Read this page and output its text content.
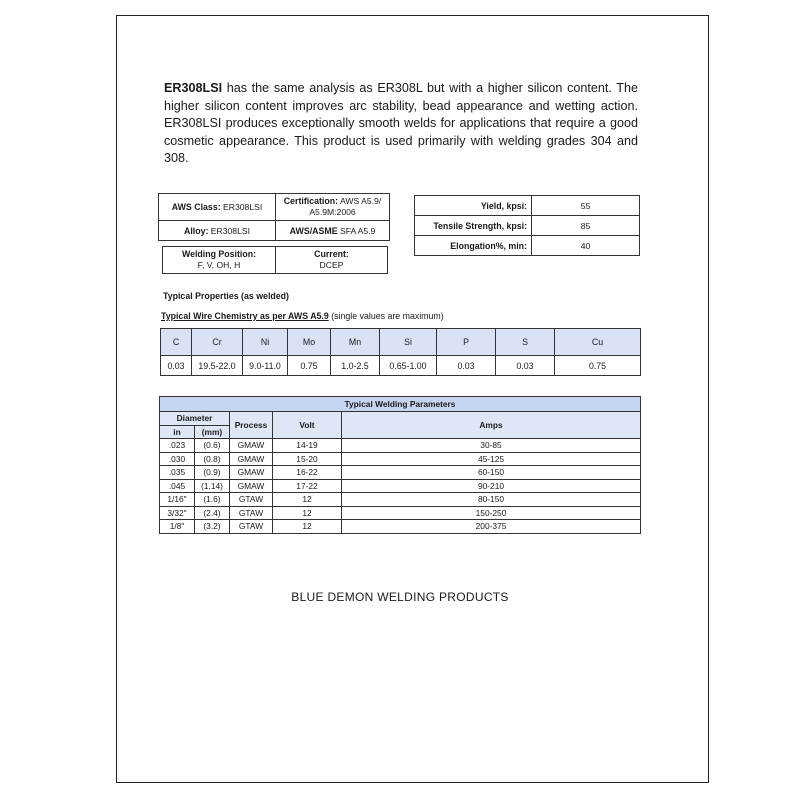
ER308LSI has the same analysis as ER308L but with a higher silicon content. The higher silicon content improves arc stability, bead appearance and wetting action. ER308LSI produces exceptionally smooth welds for applications that require a good cosmetic appearance. This product is used primarily with welding grades 304 and 308.

AWS Class: ER308LSI	Certification: AWS A5.9/
A5.9M:2006
Alloy: ER308LSI	AWS/ASME SFA A5.9
Yield, kpsi:	55
Tensile Strength, kpsi:	85
Elongation%, min:	40
Welding Position:
F, V, OH, H	Current:
DCEP
Typical Properties (as welded)
Typical Wire Chemistry as per AWS A5.9 (single values are maximum)
C	Cr	Ni	Mo	Mn	Si	P	S	Cu
0.03	19.5-22.0	9.0-11.0	0.75	1.0-2.5	0.65-1.00	0.03	0.03	0.75
Typical Welding Parameters				
Diameter		Process	Volt	Amps
in	(mm)			
.023	(0.6)	GMAW	14-19	30-85
.030	(0.8)	GMAW	15-20	45-125
.035	(0.9)	GMAW	16-22	60-150
.045	(1.14)	GMAW	17-22	90-210
1/16"	(1.6)	GTAW	12	80-150
3/32"	(2.4)	GTAW	12	150-250
1/8"	(3.2)	GTAW	12	200-375
BLUE DEMON WELDING PRODUCTS
